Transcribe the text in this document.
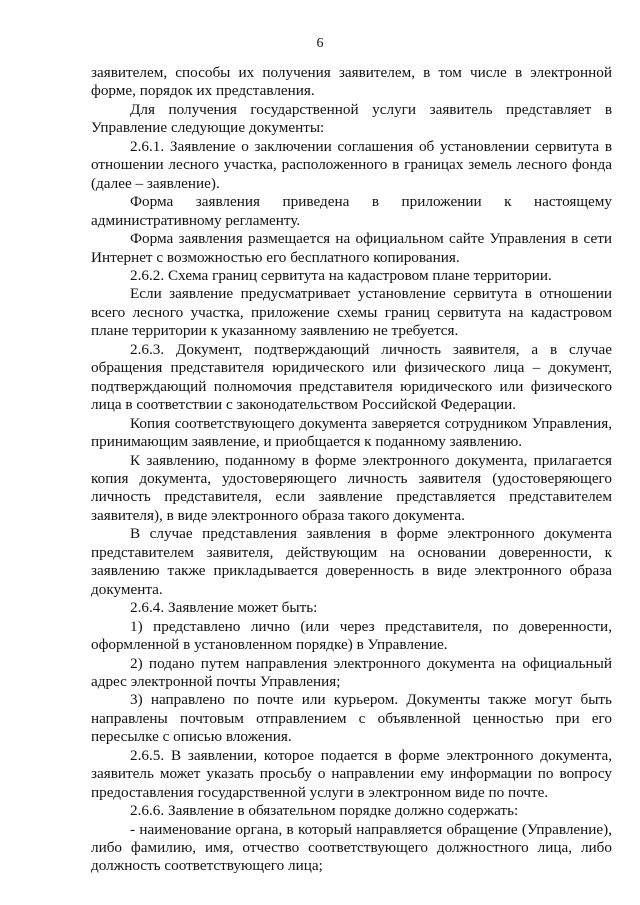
6

заявителем, способы их получения заявителем, в том числе в электронной форме, порядок их представления.

Для получения государственной услуги заявитель представляет в Управление следующие документы:

2.6.1. Заявление о заключении соглашения об установлении сервитута в отношении лесного участка, расположенного в границах земель лесного фонда (далее – заявление).

Форма заявления приведена в приложении к настоящему административному регламенту.

Форма заявления размещается на официальном сайте Управления в сети Интернет с возможностью его бесплатного копирования.

2.6.2. Схема границ сервитута на кадастровом плане территории.

Если заявление предусматривает установление сервитута в отношении всего лесного участка, приложение схемы границ сервитута на кадастровом плане территории к указанному заявлению не требуется.

2.6.3. Документ, подтверждающий личность заявителя, а в случае обращения представителя юридического или физического лица – документ, подтверждающий полномочия представителя юридического или физического лица в соответствии с законодательством Российской Федерации.

Копия соответствующего документа заверяется сотрудником Управления, принимающим заявление, и приобщается к поданному заявлению.

К заявлению, поданному в форме электронного документа, прилагается копия документа, удостоверяющего личность заявителя (удостоверяющего личность представителя, если заявление представляется представителем заявителя), в виде электронного образа такого документа.

В случае представления заявления в форме электронного документа представителем заявителя, действующим на основании доверенности, к заявлению также прикладывается доверенность в виде электронного образа документа.

2.6.4. Заявление может быть:

1) представлено лично (или через представителя, по доверенности, оформленной в установленном порядке) в Управление.

2) подано путем направления электронного документа на официальный адрес электронной почты Управления;

3) направлено по почте или курьером. Документы также могут быть направлены почтовым отправлением с объявленной ценностью при его пересылке с описью вложения.

2.6.5. В заявлении, которое подается в форме электронного документа, заявитель может указать просьбу о направлении ему информации по вопросу предоставления государственной услуги в электронном виде по почте.

2.6.6. Заявление в обязательном порядке должно содержать:

- наименование органа, в который направляется обращение (Управление), либо фамилию, имя, отчество соответствующего должностного лица, либо должность соответствующего лица;
